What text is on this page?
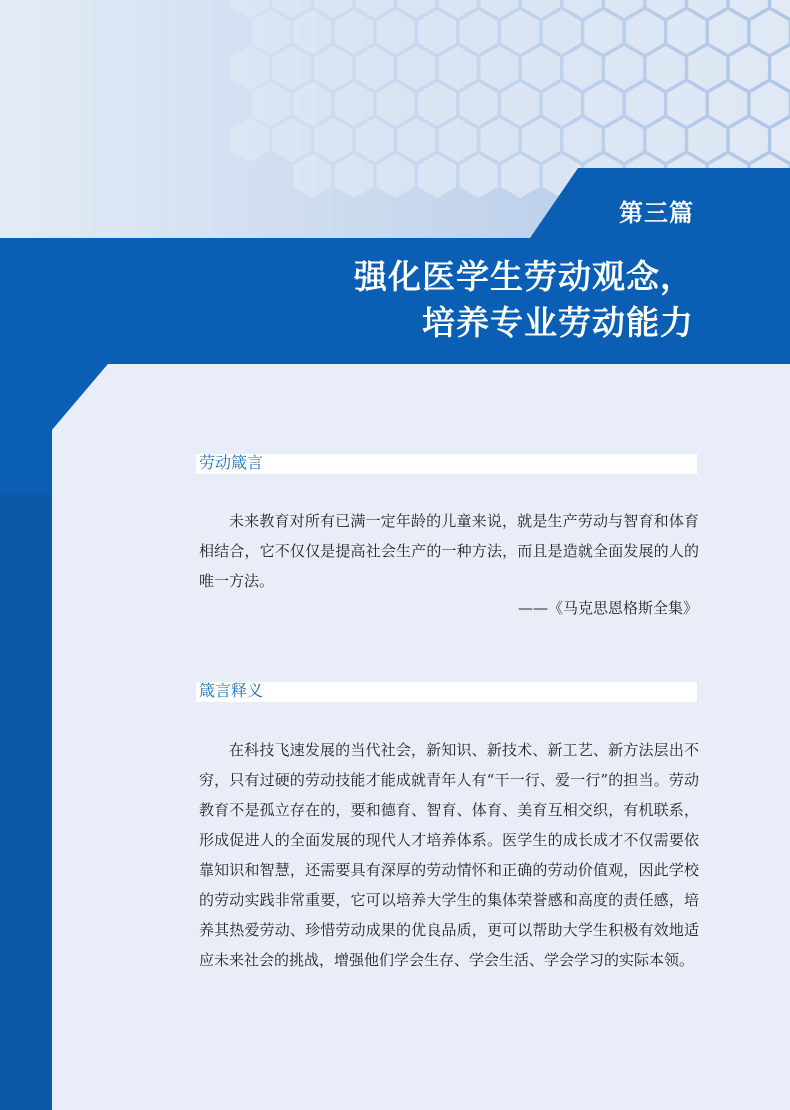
第三篇
强化医学生劳动观念，
培养专业劳动能力
劳动箴言

未来教育对所有已满一定年龄的儿童来说，就是生产劳动与智育和体育相结合，它不仅仅是提高社会生产的一种方法，而且是造就全面发展的人的唯一方法。

——《马克思恩格斯全集》
箴言释义

在科技飞速发展的当代社会，新知识、新技术、新工艺、新方法层出不穷，只有过硬的劳动技能才能成就青年人有“干一行、爱一行”的担当。劳动教育不是孤立存在的，要和德育、智育、体育、美育互相交织，有机联系，形成促进人的全面发展的现代人才培养体系。医学生的成长成才不仅需要依靠知识和智慧，还需要具有深厚的劳动情怀和正确的劳动价值观，因此学校的劳动实践非常重要，它可以培养大学生的集体荣誉感和高度的责任感，培养其热爱劳动、珍惜劳动成果的优良品质，更可以帮助大学生积极有效地适应未来社会的挑战，增强他们学会生存、学会生活、学会学习的实际本领。
